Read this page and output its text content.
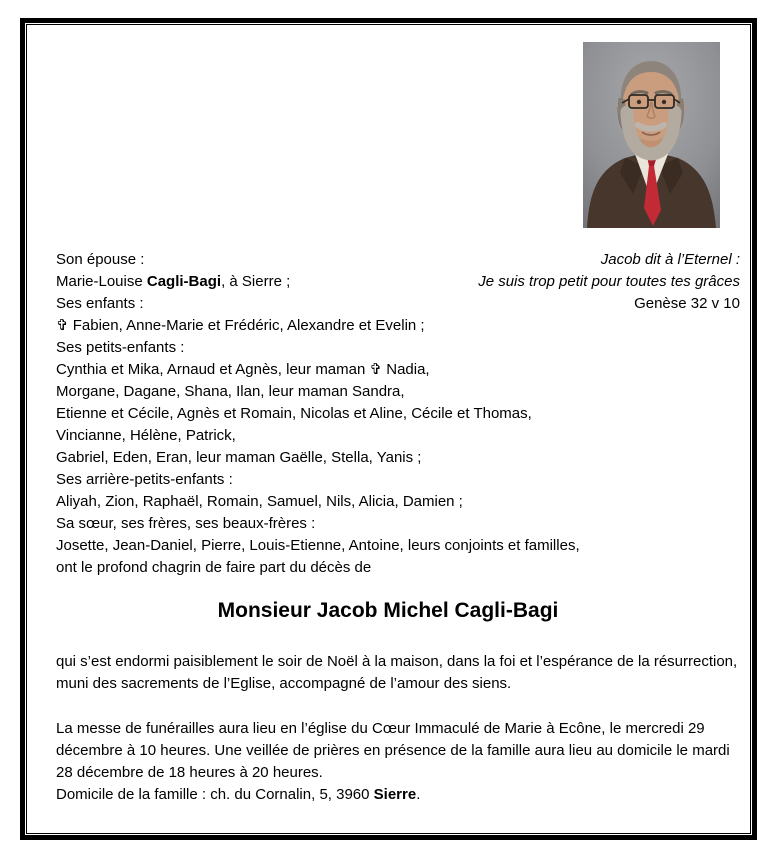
Son épouse :	Jacob dit à l’Eternel :
Marie-Louise Cagli-Bagi, à Sierre ;	Je suis trop petit pour toutes tes grâces
Ses enfants :	Genèse 32 v 10
✞ Fabien, Anne-Marie et Frédéric, Alexandre et Evelin ;
Ses petits-enfants :
Cynthia et Mika, Arnaud et Agnès, leur maman ✞ Nadia,
Morgane, Dagane, Shana, Ilan, leur maman Sandra,
Etienne et Cécile, Agnès et Romain, Nicolas et Aline, Cécile et Thomas,
Vincianne, Hélène, Patrick,
Gabriel, Eden, Eran, leur maman Gaëlle, Stella, Yanis ;
Ses arrière-petits-enfants :
Aliyah, Zion, Raphaël, Romain, Samuel, Nils, Alicia, Damien ;
Sa sœur, ses frères, ses beaux-frères :
Josette, Jean-Daniel, Pierre, Louis-Etienne, Antoine, leurs conjoints et familles,
ont le profond chagrin de faire part du décès de
Monsieur Jacob Michel Cagli-Bagi
qui s’est endormi paisiblement le soir de Noël à la maison, dans la foi et l’espérance de la résurrection, muni des sacrements de l’Eglise, accompagné de l’amour des siens.
La messe de funérailles aura lieu en l’église du Cœur Immaculé de Marie à Ecône, le mercredi 29 décembre à 10 heures. Une veillée de prières en présence de la famille aura lieu au domicile le mardi 28 décembre de 18 heures à 20 heures.
Domicile de la famille : ch. du Cornalin, 5, 3960 Sierre.
